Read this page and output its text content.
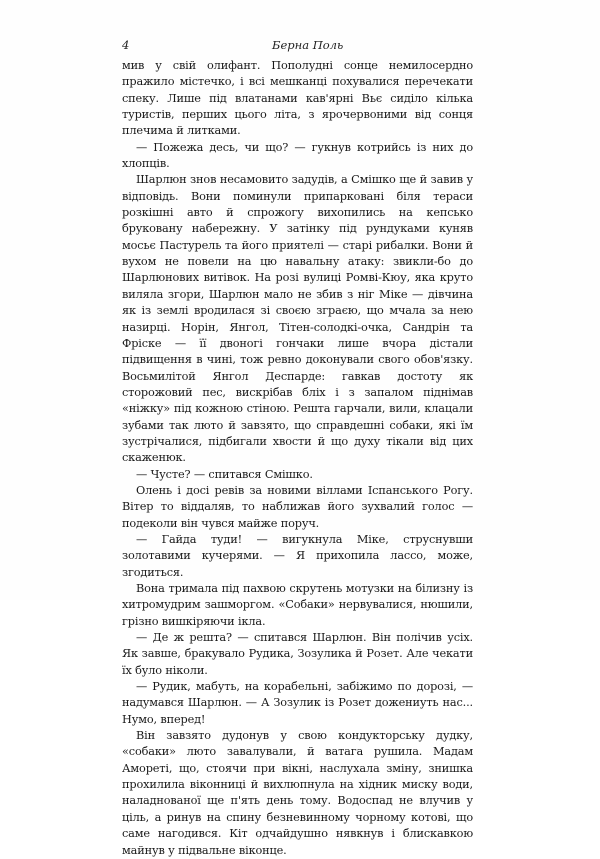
4	Берна Поль

мив у свій олифант. Пополудні сонце немилосердно пражило містечко, і всі мешканці похувалися перечекати спеку. Лише під влатанами кав'ярні Вьє сиділо кілька туристів, перших цього літа, з ярочервоними від сонця плечима й литками.

— Пожежа десь, чи що? — гукнув котрийсь із них до хлопців.

Шарлюн знов несамовито задудів, а Смішко ще й завив у відповідь. Вони поминули припарковані біля тераси розкішні авто й спрожогу вихопились на кепсько бруковану набережну. У затінку під рундуками куняв мосьє Пастурель та його приятелі — старі рибалки. Вони й вухом не повели на цю навальну атаку: звикли-бо до Шарлюнових витівок. На розі вулиці Ромві-Кюу, яка круто виляла згори, Шарлюн мало не збив з ніг Міке — дівчина як із землі вродилася зі своєю зграєю, що мчала за нею назирці. Норін, Янгол, Тітен-солодкі-очка, Сандрін та Фріске — її двоногі гончаки лише вчора дістали підвищення в чині, тож ревно доконували свого обов'язку. Восьмилітой Янгол Деспарде: гавкав достоту як сторожовий пес, вискрібав бліх і з запалом піднімав «ніжку» під кожною стіною. Решта гарчали, вили, клацали зубами так люто й завзято, що справдешні собаки, які їм зустрічалися, підбигали хвости й що духу тікали від цих скаженюк.

— Чусте? — спитався Смішко.

Олень і досі ревів за новими віллами Іспанського Рогу. Вітер то віддаляв, то наближав його зухвалий голос — подеколи він чувся майже поруч.

— Гайда туди! — вигукнула Міке, струснувши золотавими кучерями. — Я прихопила лассо, може, згодиться.

Вона тримала під пахвою скрутень мотузки на білизну із хитромудрим зашморгом. «Собаки» нервувалися, нюшили, грізно вишкіряючи ікла.

— Де ж решта? — спитався Шарлюн. Він полічив усіх. Як завше, бракувало Рудика, Зозулика й Розет. Але чекати їх було ніколи.

— Рудик, мабуть, на корабельні, забіжимо по дорозі, — надумався Шарлюн. — А Зозулик із Розет дожениуть нас... Нумо, вперед!

Він завзято дудонув у свою кондукторську дудку, «собаки» люто завалували, й ватага рушила. Мадам Амореті, що, стоячи при вікні, наслухала зміну, знишка прохилила віконниці й вихлюпнула на хідник миску води, наладнованої ще п'ять день тому. Водоспад не влучив у ціль, а ринув на спину безневинному чорному котові, що саме нагодився. Кіт одчайдушно нявкнув і блискавкою майнув у підвальне віконце.
